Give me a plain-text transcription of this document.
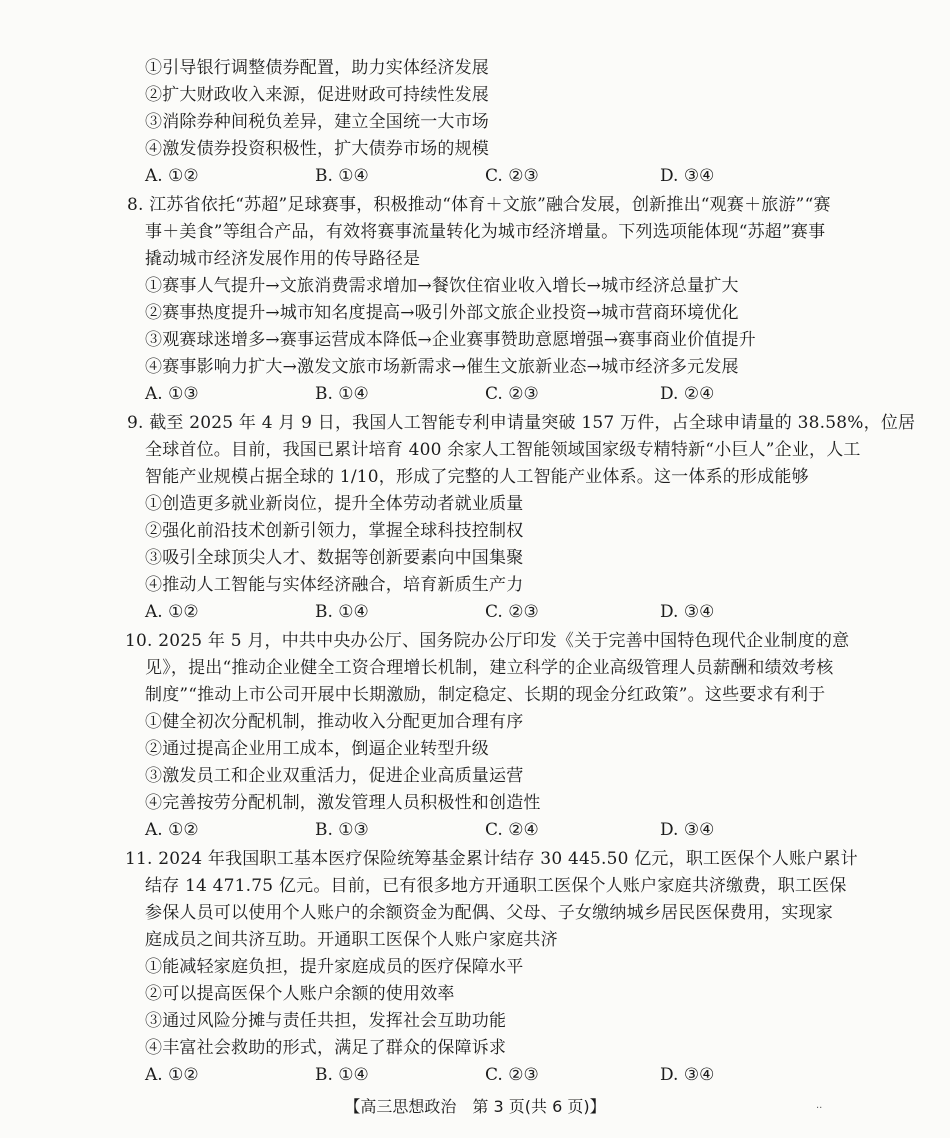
①引导银行调整债券配置，助力实体经济发展
②扩大财政收入来源，促进财政可持续性发展
③消除券种间税负差异，建立全国统一大市场
④激发债券投资积极性，扩大债券市场的规模
A. ①②	B. ①④	C. ②③	D. ③④
8. 江苏省依托“苏超”足球赛事，积极推动“体育＋文旅”融合发展，创新推出“观赛＋旅游”“赛
事＋美食”等组合产品，有效将赛事流量转化为城市经济增量。下列选项能体现“苏超”赛事
撬动城市经济发展作用的传导路径是
①赛事人气提升→文旅消费需求增加→餐饮住宿业收入增长→城市经济总量扩大
②赛事热度提升→城市知名度提高→吸引外部文旅企业投资→城市营商环境优化
③观赛球迷增多→赛事运营成本降低→企业赛事赞助意愿增强→赛事商业价值提升
④赛事影响力扩大→激发文旅市场新需求→催生文旅新业态→城市经济多元发展
A. ①③	B. ①④	C. ②③	D. ②④
9. 截至 2025 年 4 月 9 日，我国人工智能专利申请量突破 157 万件，占全球申请量的 38.58%，位居
全球首位。目前，我国已累计培育 400 余家人工智能领域国家级专精特新“小巨人”企业，人工
智能产业规模占据全球的 1/10，形成了完整的人工智能产业体系。这一体系的形成能够
①创造更多就业新岗位，提升全体劳动者就业质量
②强化前沿技术创新引领力，掌握全球科技控制权
③吸引全球顶尖人才、数据等创新要素向中国集聚
④推动人工智能与实体经济融合，培育新质生产力
A. ①②	B. ①④	C. ②③	D. ③④
10. 2025 年 5 月，中共中央办公厅、国务院办公厅印发《关于完善中国特色现代企业制度的意
见》，提出“推动企业健全工资合理增长机制，建立科学的企业高级管理人员薪酬和绩效考核
制度”“推动上市公司开展中长期激励，制定稳定、长期的现金分红政策”。这些要求有利于
①健全初次分配机制，推动收入分配更加合理有序
②通过提高企业用工成本，倒逼企业转型升级
③激发员工和企业双重活力，促进企业高质量运营
④完善按劳分配机制，激发管理人员积极性和创造性
A. ①②	B. ①③	C. ②④	D. ③④
11. 2024 年我国职工基本医疗保险统筹基金累计结存 30 445.50 亿元，职工医保个人账户累计
结存 14 471.75 亿元。目前，已有很多地方开通职工医保个人账户家庭共济缴费，职工医保
参保人员可以使用个人账户的余额资金为配偶、父母、子女缴纳城乡居民医保费用，实现家
庭成员之间共济互助。开通职工医保个人账户家庭共济
①能减轻家庭负担，提升家庭成员的医疗保障水平
②可以提高医保个人账户余额的使用效率
③通过风险分摊与责任共担，发挥社会互助功能
④丰富社会救助的形式，满足了群众的保障诉求
A. ①②	B. ①④	C. ②③	D. ③④
【高三思想政治　第 3 页(共 6 页)】	..
